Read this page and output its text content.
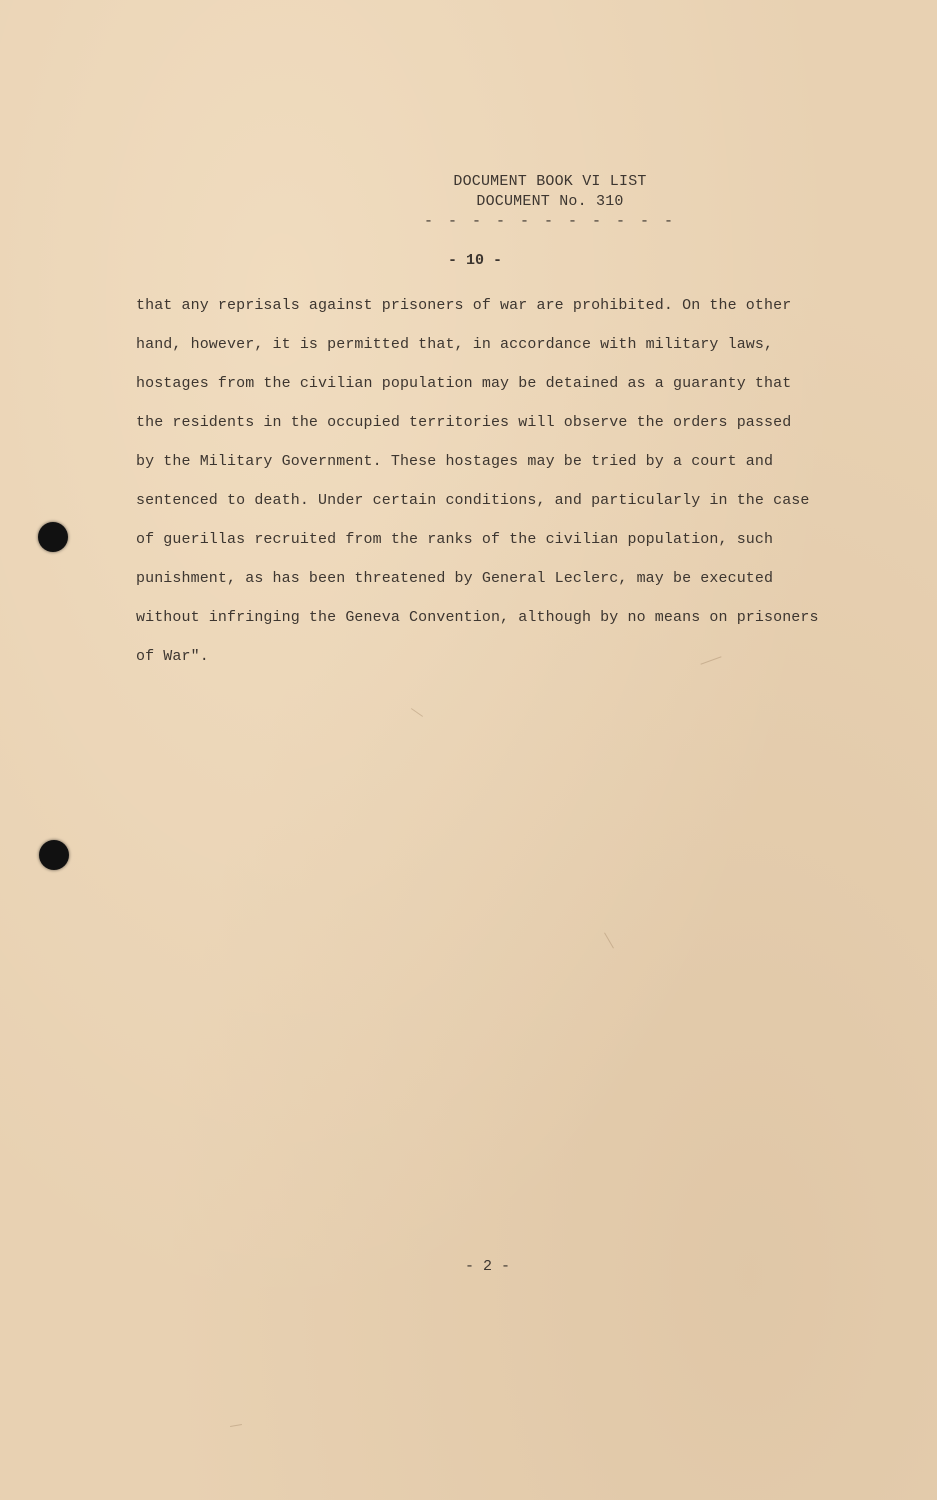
DOCUMENT BOOK VI LIST
DOCUMENT No. 310
- - - - - - - - - - -
- 10 -
that any reprisals against prisoners of war are prohibited. On the other
hand, however, it is permitted that, in accordance with military laws,
hostages from the civilian population may be detained as a guaranty that
the residents in the occupied territories will observe the orders passed
by the Military Government. These hostages may be tried by a court and
sentenced to death. Under certain conditions, and particularly in the case
of guerillas recruited from the ranks of the civilian population, such
punishment, as has been threatened by General Leclerc, may be executed
without infringing the Geneva Convention, although by no means on prisoners
of War".
- 2 -
